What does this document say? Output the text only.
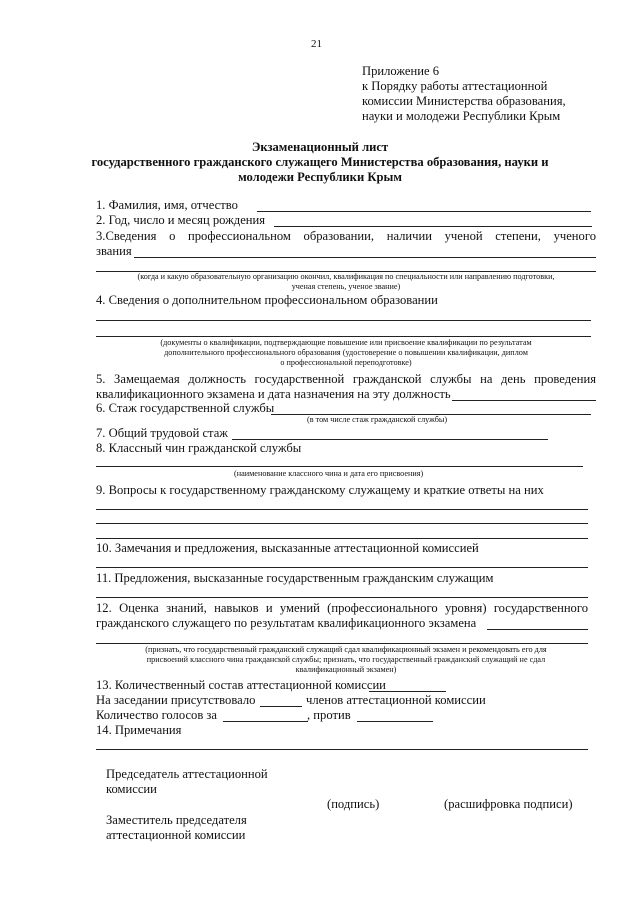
21
Приложение 6
к Порядку работы аттестационной
комиссии Министерства образования,
науки и молодежи Республики Крым
Экзаменационный лист
государственного гражданского служащего Министерства образования, науки и
молодежи Республики Крым
1. Фамилия, имя, отчество
2. Год, число и месяц рождения
3.Сведения о профессиональном образовании, наличии ученой степени, ученого
звания
(когда и какую образовательную организацию окончил, квалификация по специальности или направлению подготовки,
ученая степень, ученое звание)
4. Сведения о дополнительном профессиональном образовании
(документы о квалификации, подтверждающие повышение или присвоение квалификации по результатам
дополнительного профессионального образования (удостоверение о повышении квалификации, диплом
о профессиональной переподготовке)
5. Замещаемая должность государственной гражданской службы на день проведения
квалификационного экзамена и дата назначения на эту должность
6. Стаж государственной службы
(в том числе стаж гражданской службы)
7. Общий трудовой стаж
8. Классный чин гражданской службы
(наименование классного чина и дата его присвоения)
9. Вопросы к государственному гражданскому служащему и краткие ответы на них
10. Замечания и предложения, высказанные аттестационной комиссией
11. Предложения, высказанные государственным гражданским служащим
12. Оценка знаний, навыков и умений (профессионального уровня) государственного
гражданского служащего по результатам квалификационного экзамена
(признать, что государственный гражданский служащий сдал квалификационный экзамен и рекомендовать его для
присвоений классного чина гражданской службы; признать, что государственный гражданский служащий не сдал
квалификационный экзамен)
13. Количественный состав аттестационной комиссии
На заседании присутствовало	членов аттестационной комиссии
Количество голосов за	, против
14. Примечания
Председатель аттестационной
комиссии
(подпись)	(расшифровка подписи)
Заместитель председателя
аттестационной комиссии
